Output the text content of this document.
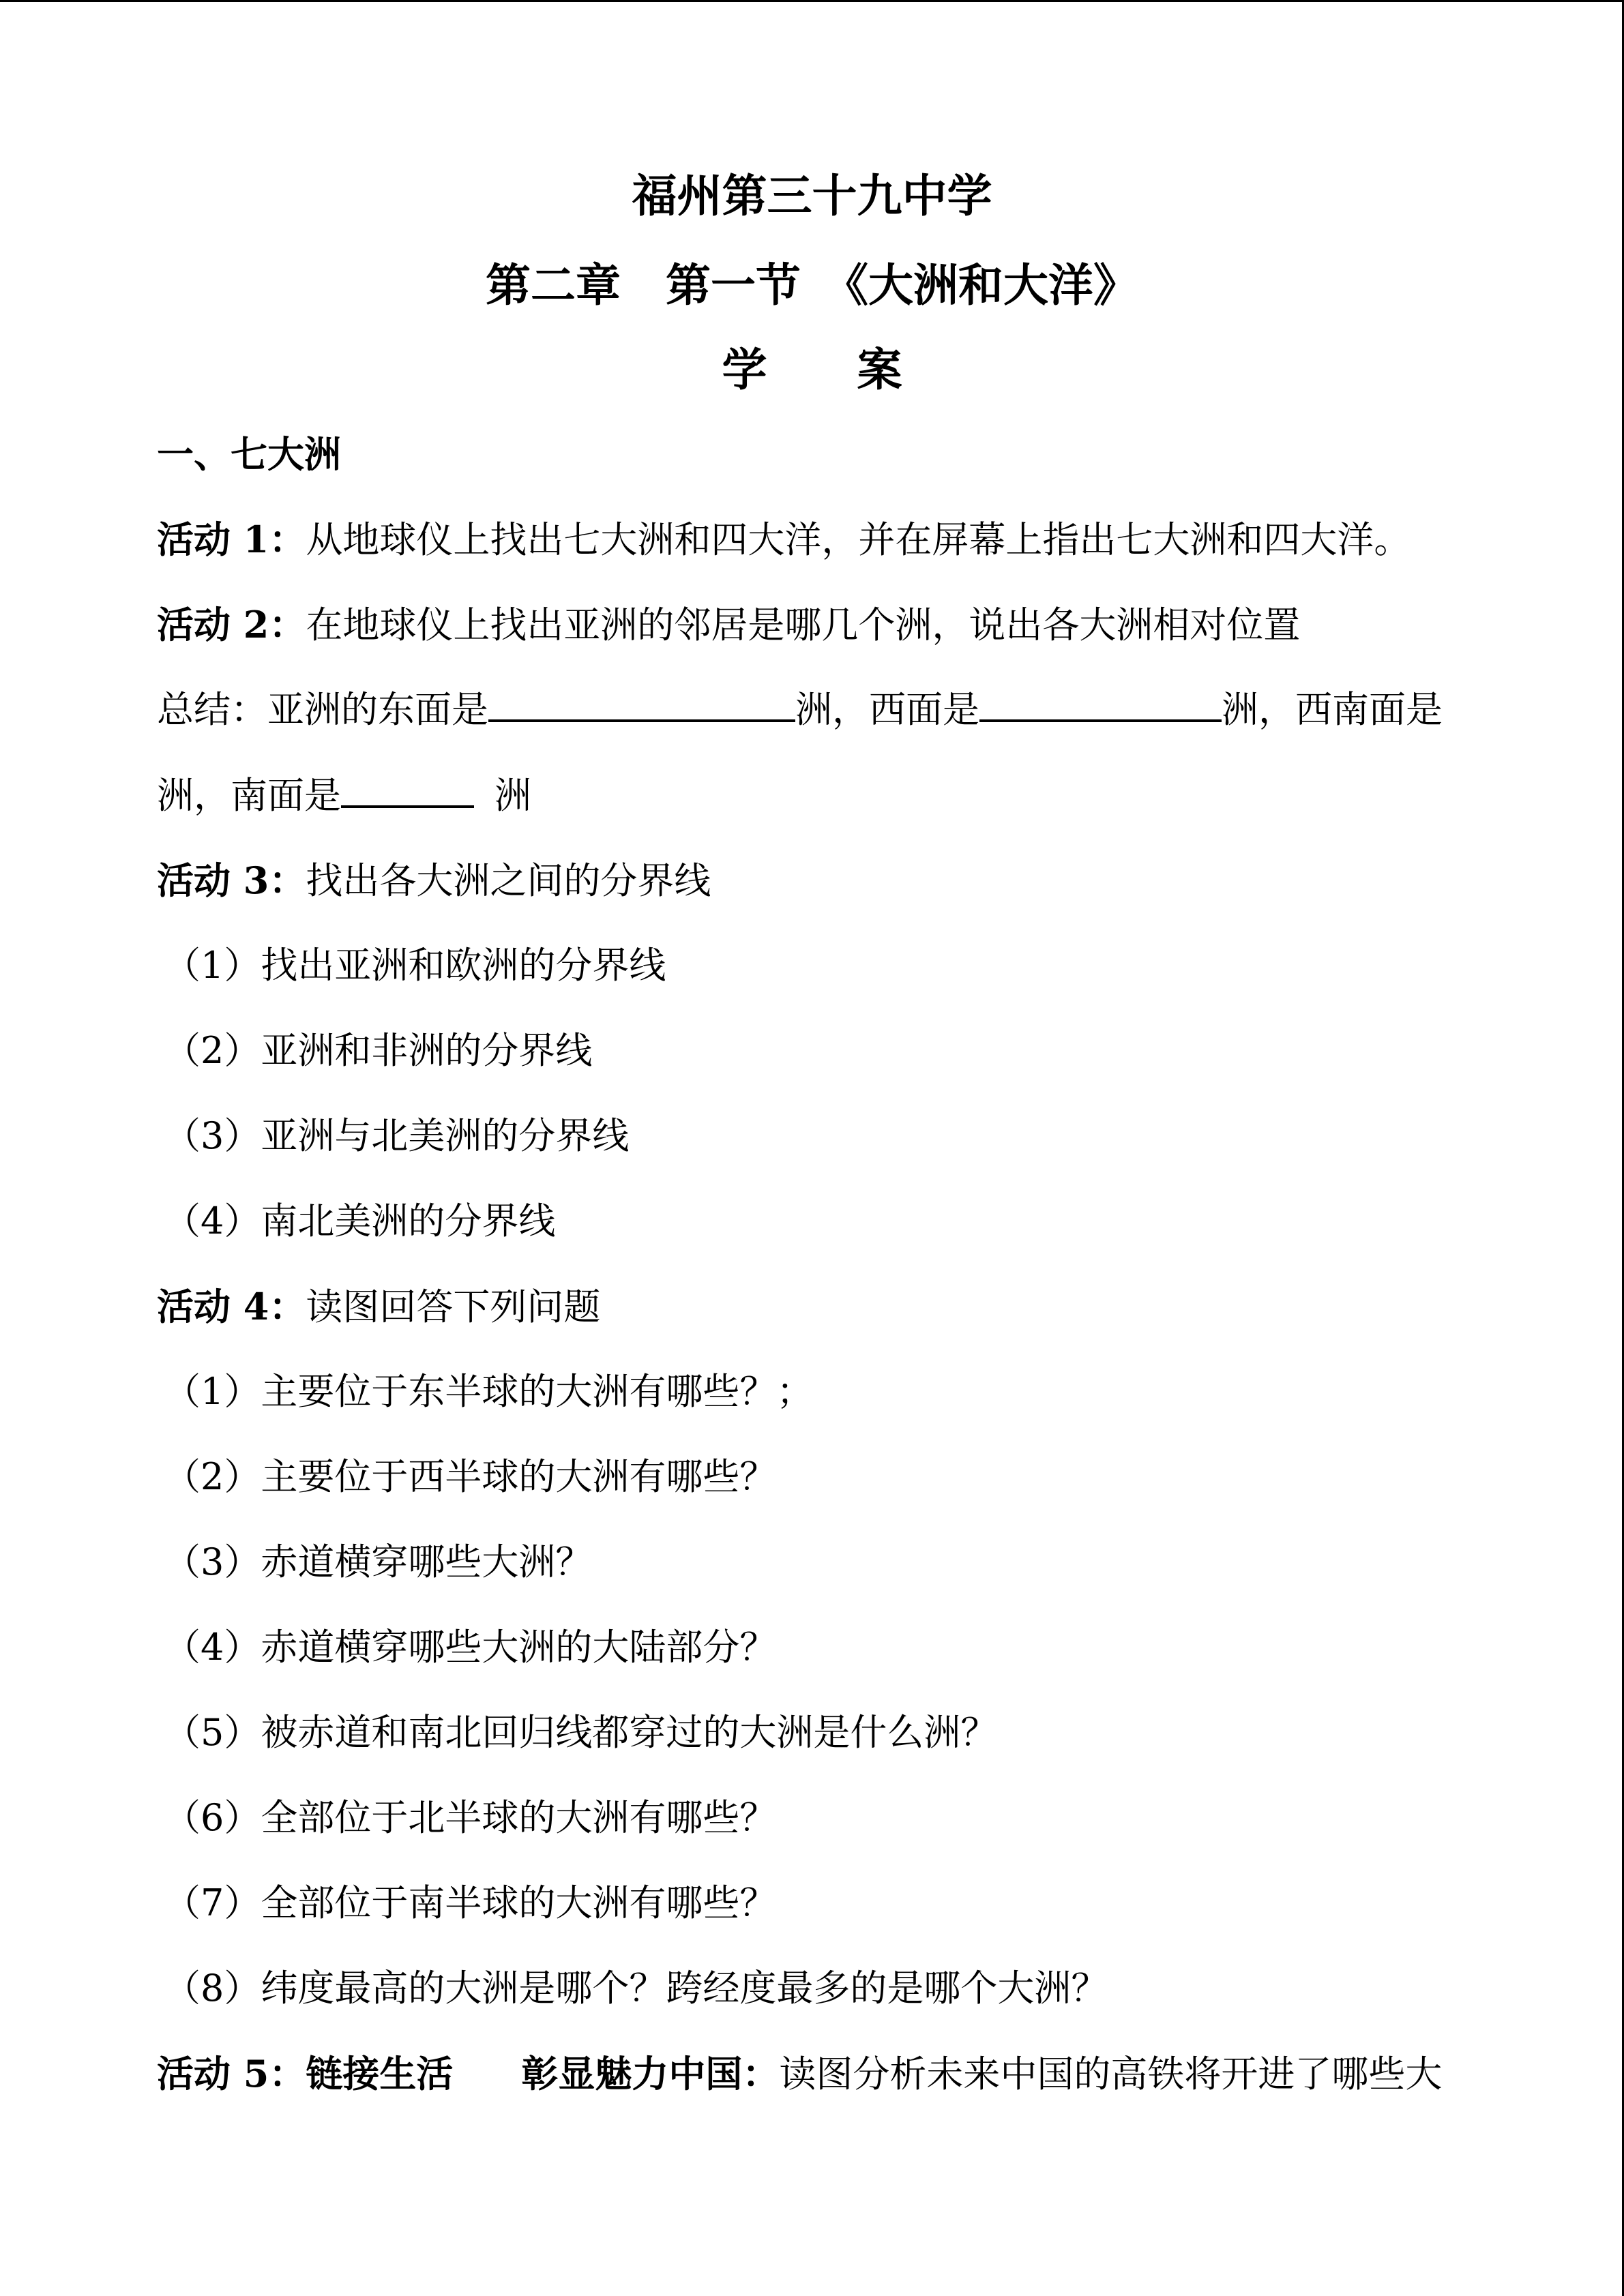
福州第三十九中学
第二章　第一节　《大洲和大洋》
学　　案
一、七大洲
活动 1：从地球仪上找出七大洲和四大洋，并在屏幕上指出七大洲和四大洋。
活动 2：在地球仪上找出亚洲的邻居是哪几个洲，说出各大洲相对位置
总结：亚洲的东面是	洲，西面是	洲，西南面是
洲，南面是	洲
活动 3：找出各大洲之间的分界线
（1）找出亚洲和欧洲的分界线
（2）亚洲和非洲的分界线
（3）亚洲与北美洲的分界线
（4）南北美洲的分界线
活动 4：读图回答下列问题
（1）主要位于东半球的大洲有哪些？；
（2）主要位于西半球的大洲有哪些？
（3）赤道横穿哪些大洲？
（4）赤道横穿哪些大洲的大陆部分？
（5）被赤道和南北回归线都穿过的大洲是什么洲？
（6）全部位于北半球的大洲有哪些？
（7）全部位于南半球的大洲有哪些？
（8）纬度最高的大洲是哪个？跨经度最多的是哪个大洲？
活动 5：链接生活 彰显魅力中国：读图分析未来中国的高铁将开进了哪些大
